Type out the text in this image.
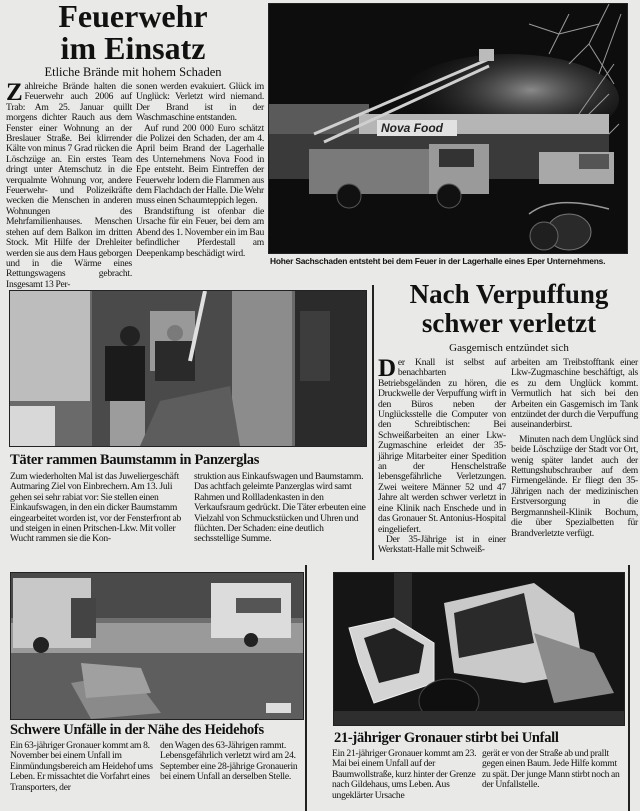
Feuerwehr
im Einsatz
Etliche Brände mit hohem Schaden

Zahlreiche Brände halten die Feuerwehr auch 2006 auf Trab: Am 25. Januar quillt morgens dichter Rauch aus dem Fenster einer Wohnung an der Breslauer Straße. Bei klirrender Kälte von minus 7 Grad rücken die Löschzüge an. Ein erstes Team dringt unter Atemschutz in die verqualmte Wohnung vor, andere Feuerwehr- und Polizeikräfte wecken die Menschen in anderen Wohnungen des Mehrfamilienhauses. Menschen stehen auf dem Balkon im dritten Stock. Mit Hilfe der Drehleiter werden sie aus dem Haus geborgen und in die Wärme eines Rettungswagens gebracht. Insgesamt 13 Per-

sonen werden evakuiert. Glück im Unglück: Verletzt wird niemand. Der Brand ist in der Waschmaschine entstanden.

Auf rund 200 000 Euro schätzt die Polizei den Schaden, der am 4. April beim Brand der Lagerhalle des Unternehmens Nova Food in Epe entsteht. Beim Eintreffen der Feuerwehr lodern die Flammen aus dem Flachdach der Halle. Die Wehr muss einen Schaumteppich legen.

Brandstiftung ist ofenbar die Ursache für ein Feuer, bei dem am Abend des 1. November ein im Bau befindlicher Pferdestall am Deepenkamp beschädigt wird.

Nova Food
Hoher Sachschaden entsteht bei dem Feuer in der Lagerhalle eines Eper Unternehmens.
Täter rammen Baumstamm in Panzerglas
Zum wiederholten Mal ist das Juweliergeschäft Autmaring Ziel von Einbrechern. Am 13. Juli gehen sei sehr rabiat vor: Sie stellen einen Einkaufswagen, in den ein dicker Baumstamm eingearbeitet worden ist, vor der Fensterfront ab und steigen in einen Pritschen-Lkw. Mit voller Wucht rammen sie die Kon-
struktion aus Einkaufswagen und Baumstamm. Das achtfach geleimte Panzerglas wird samt Rahmen und Rollladenkasten in den Verkaufsraum gedrückt. Die Täter erbeuten eine Vielzahl von Schmuckstücken und Uhren und flüchten. Der Schaden: eine deutlich sechsstellige Summe.
Nach Verpuffung
schwer verletzt
Gasgemisch entzündet sich

Der Knall ist selbst auf benachbarten Betriebsgeländen zu hören, die Druckwelle der Verpuffung wirft in den Büros neben der Unglücksstelle die Computer von den Schreibtischen: Bei Schweißarbeiten an einer Lkw-Zugmaschine erleidet der 35-jährige Mitarbeiter einer Spedition an der Henschelstraße lebensgefährliche Verletzungen. Zwei weitere Männer 52 und 47 Jahre alt werden schwer verletzt in eine Klinik nach Enschede und in das Gronauer St. Antonius-Hospital eingeliefert.

Der 35-Jährige ist in einer Werkstatt-Halle mit Schweiß-

arbeiten am Treibstofftank einer Lkw-Zugmaschine beschäftigt, als es zu dem Unglück kommt. Vermutlich hat sich bei den Arbeiten ein Gasgemisch im Tank entzündet der durch die Verpuffung auseinanderbirst.

Minuten nach dem Unglück sind beide Löschzüge der Stadt vor Ort, wenig später landet auch der Rettungshubschrauber auf dem Firmengelände. Er fliegt den 35-Jährigen nach der medizinischen Erstversorgung in die Bergmannsheil-Klinik Bochum, die über Spezialbetten für Brandverletzte verfügt.

Schwere Unfälle in der Nähe des Heidehofs
Ein 63-jähriger Gronauer kommt am 8. November bei einem Unfall im Einmündungsbereich am Heidehof ums Leben. Er missachtet die Vorfahrt eines Transporters, der
den Wagen des 63-Jährigen rammt. Lebensgefährlich verletzt wird am 24. September eine 28-jährige Gronauerin bei einem Unfall an derselben Stelle.
21-jähriger Gronauer stirbt bei Unfall
Ein 21-jähriger Gronauer kommt am 23. Mai bei einem Unfall auf der Baumwollstraße, kurz hinter der Grenze nach Gildehaus, ums Leben. Aus ungeklärter Ursache
gerät er von der Straße ab und prallt gegen einen Baum. Jede Hilfe kommt zu spät. Der junge Mann stirbt noch an der Unfallstelle.
